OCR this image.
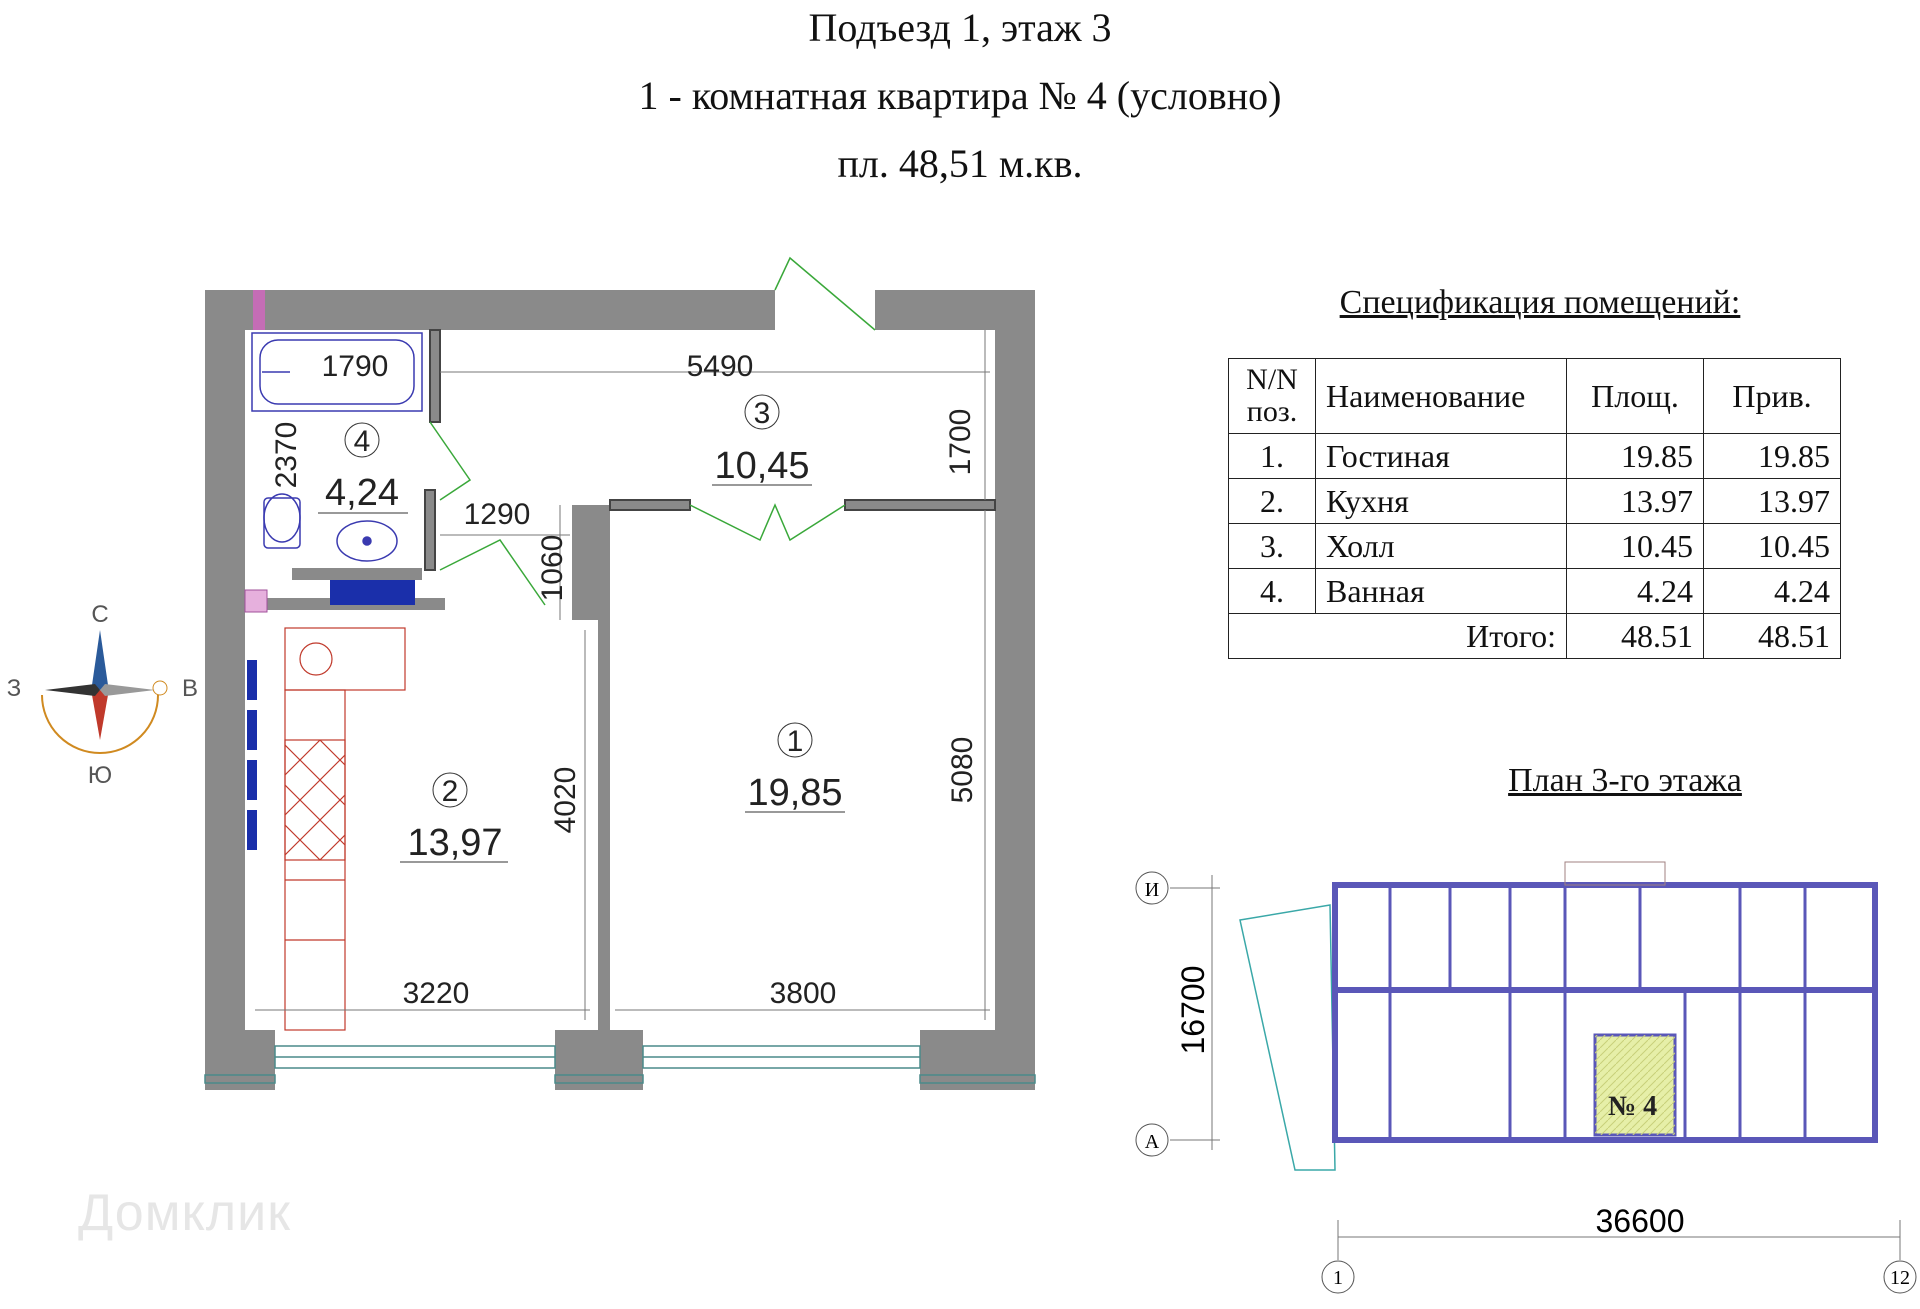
Подъезд 1, этаж 3
1 - комнатная квартира № 4 (условно)
пл. 48,51 м.кв.
4
4,24
3
10,45
1
19,85
2
13,97
1790	5490
2370	1700
1290
1060
4020	5080
3220	3800
С
Ю
З	В
№ 4
И
А
16700
36600
1	12
Спецификация помещений:
N/N поз.	Наименование	Площ.	Прив.
1.	Гостиная	19.85	19.85
2.	Кухня	13.97	13.97
3.	Холл	10.45	10.45
4.	Ванная	4.24	4.24
Итого:		48.51	48.51
План 3-го этажа
Домклик
